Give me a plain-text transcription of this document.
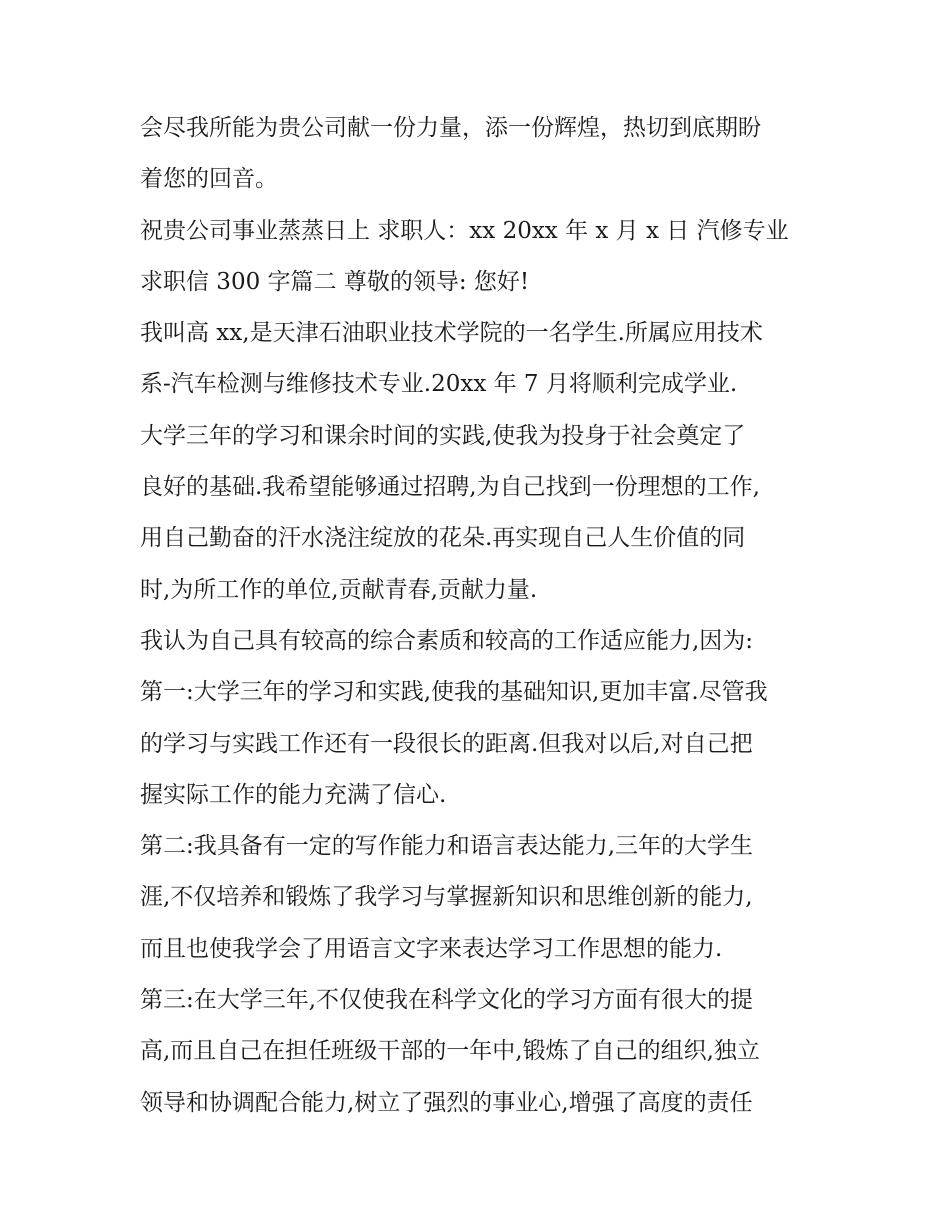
会尽我所能为贵公司献一份力量，添一份辉煌，热切到底期盼
着您的回音。
祝贵公司事业蒸蒸日上 求职人：xx 20xx 年 x 月 x 日 汽修专业
求职信 300 字篇二 尊敬的领导: 您好!
我叫高 xx,是天津石油职业技术学院的一名学生.所属应用技术
系-汽车检测与维修技术专业.20xx 年 7 月将顺利完成学业.
大学三年的学习和课余时间的实践,使我为投身于社会奠定了
良好的基础.我希望能够通过招聘,为自己找到一份理想的工作,
用自己勤奋的汗水浇注绽放的花朵.再实现自己人生价值的同
时,为所工作的单位,贡献青春,贡献力量.
我认为自己具有较高的综合素质和较高的工作适应能力,因为:
第一:大学三年的学习和实践,使我的基础知识,更加丰富.尽管我
的学习与实践工作还有一段很长的距离.但我对以后,对自己把
握实际工作的能力充满了信心.
第二:我具备有一定的写作能力和语言表达能力,三年的大学生
涯,不仅培养和锻炼了我学习与掌握新知识和思维创新的能力,
而且也使我学会了用语言文字来表达学习工作思想的能力.
第三:在大学三年,不仅使我在科学文化的学习方面有很大的提
高,而且自己在担任班级干部的一年中,锻炼了自己的组织,独立
领导和协调配合能力,树立了强烈的事业心,增强了高度的责任
